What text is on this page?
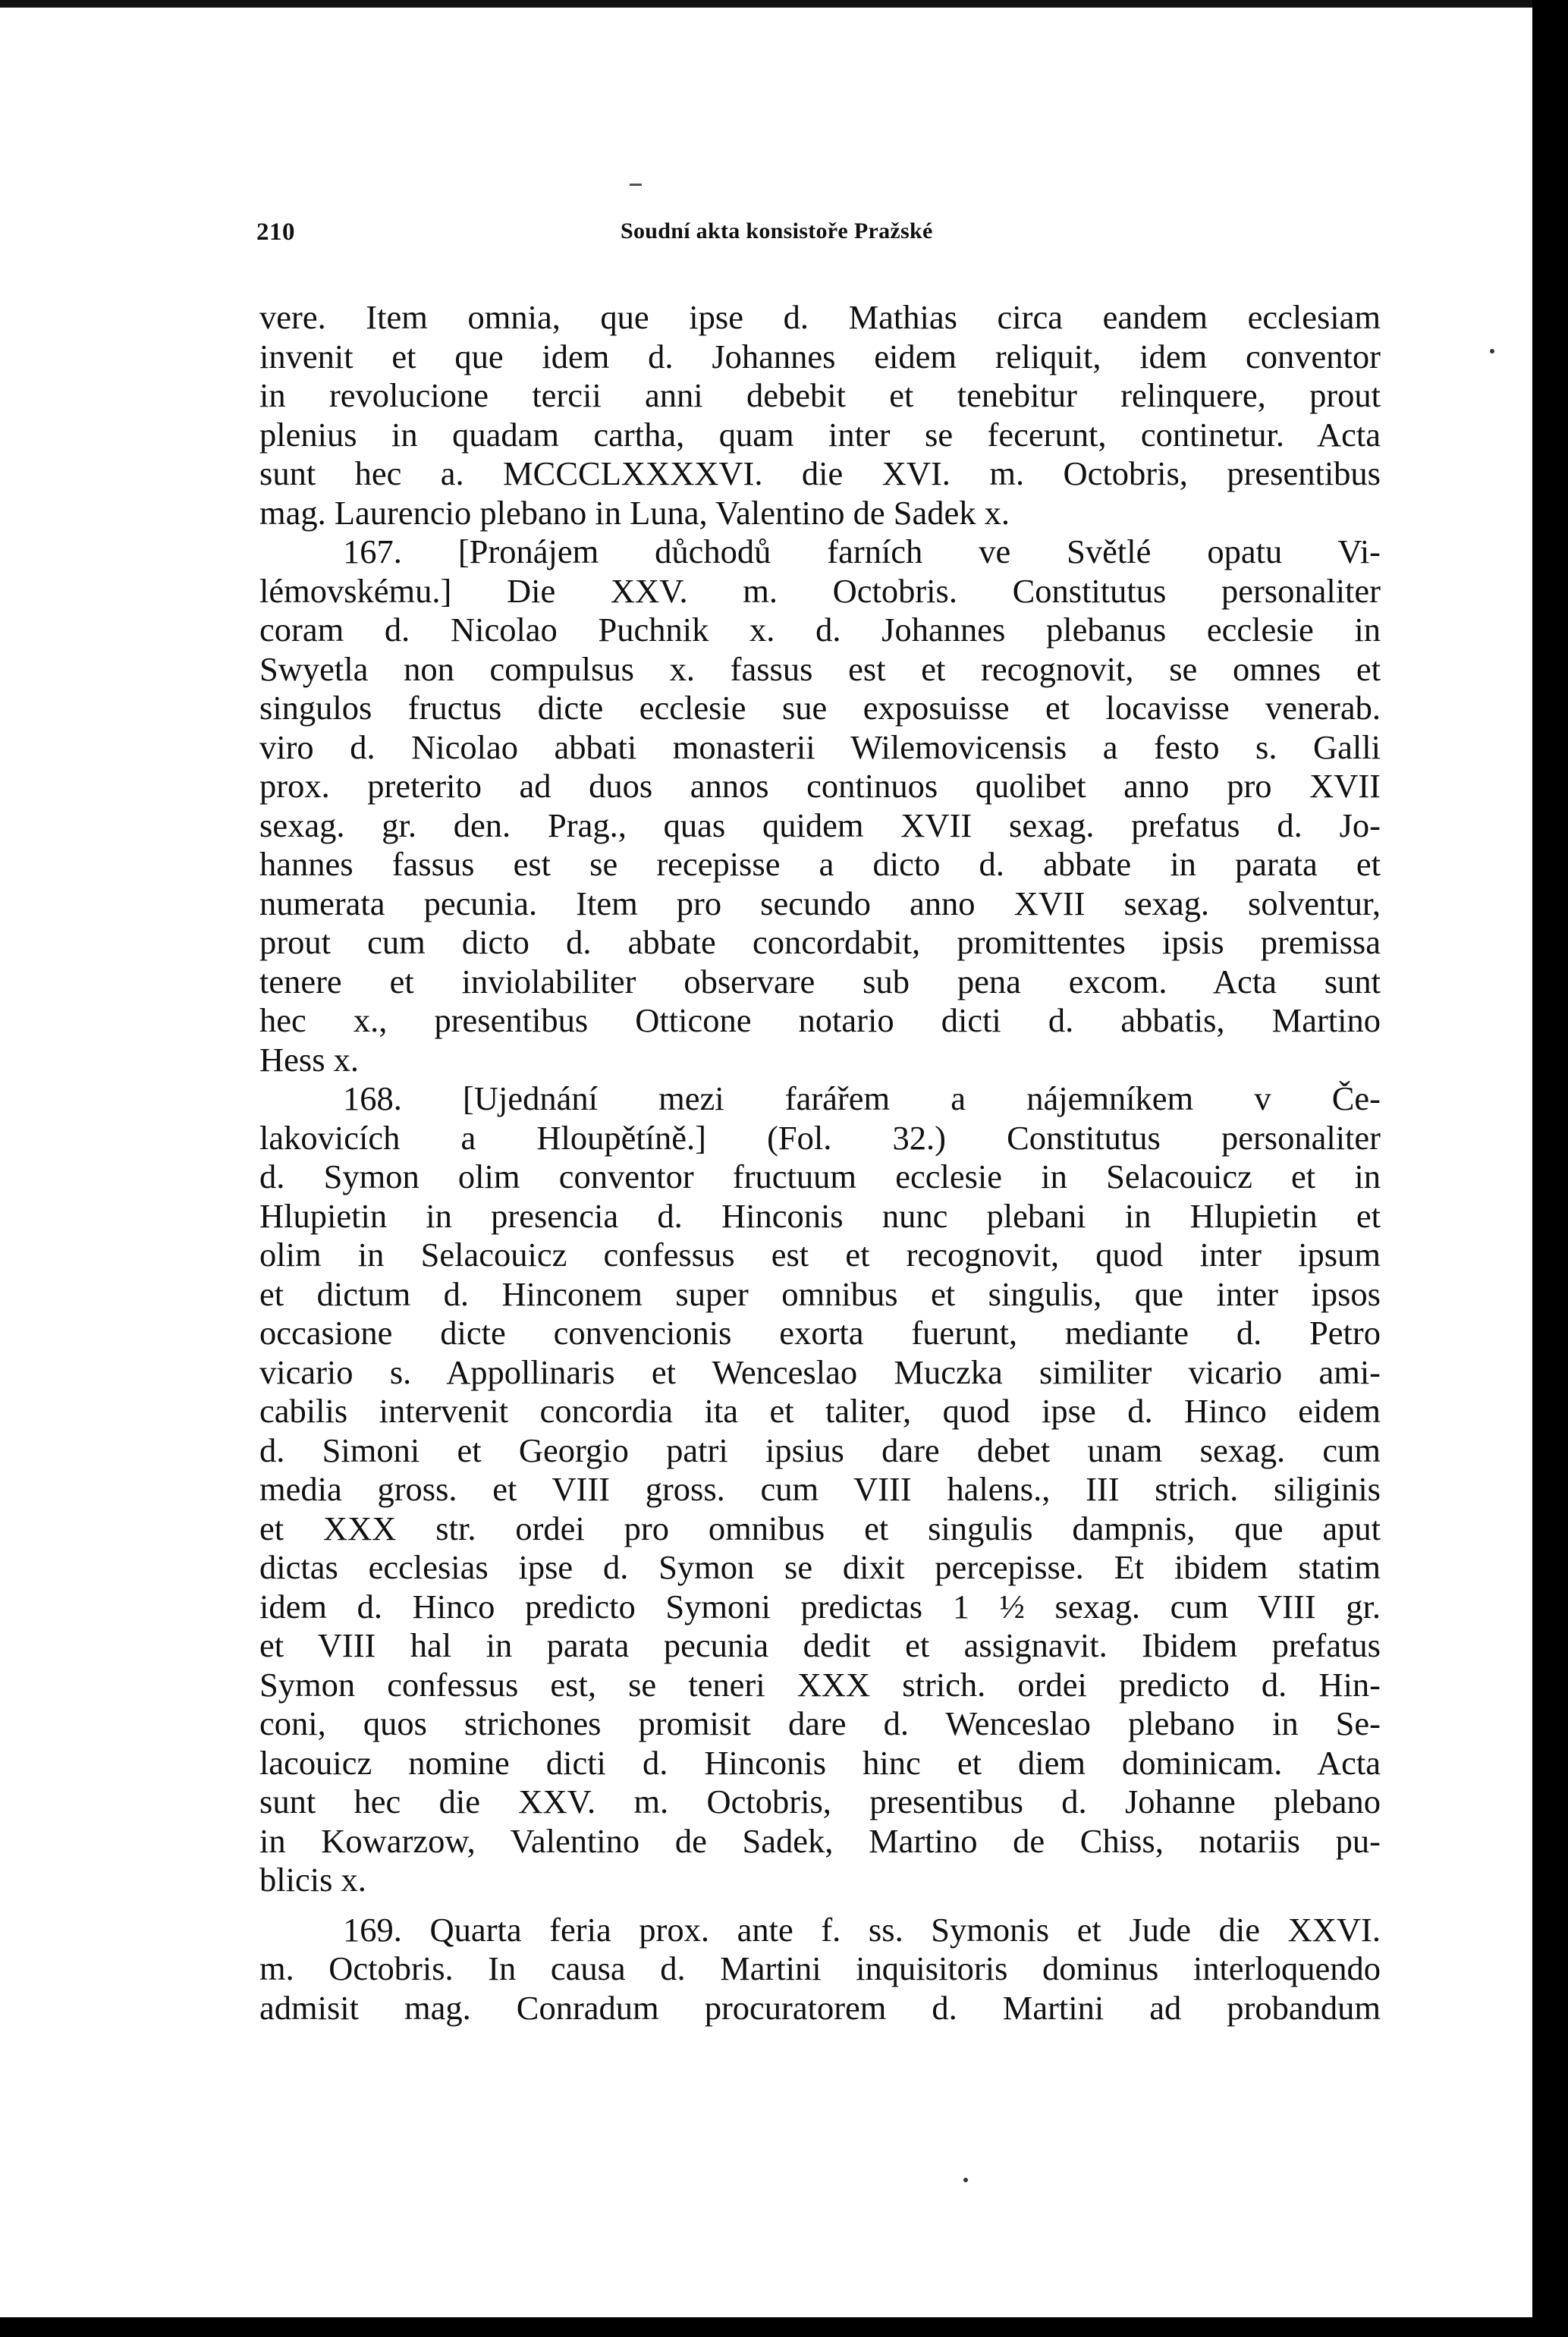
210	Soudní akta konsistoře Pražské
vere. Item omnia, que ipse d. Mathias circa eandem ecclesiam
invenit et que idem d. Johannes eidem reliquit, idem conventor
in revolucione tercii anni debebit et tenebitur relinquere, prout
plenius in quadam cartha, quam inter se fecerunt, continetur. Acta
sunt hec a. MCCCLXXXXVI. die XVI. m. Octobris, presentibus
mag. Laurencio plebano in Luna, Valentino de Sadek x.
167. [Pronájem důchodů farních ve Světlé opatu Vi-
lémovskému.] Die XXV. m. Octobris. Constitutus personaliter
coram d. Nicolao Puchnik x. d. Johannes plebanus ecclesie in
Swyetla non compulsus x. fassus est et recognovit, se omnes et
singulos fructus dicte ecclesie sue exposuisse et locavisse venerab.
viro d. Nicolao abbati monasterii Wilemovicensis a festo s. Galli
prox. preterito ad duos annos continuos quolibet anno pro XVII
sexag. gr. den. Prag., quas quidem XVII sexag. prefatus d. Jo-
hannes fassus est se recepisse a dicto d. abbate in parata et
numerata pecunia. Item pro secundo anno XVII sexag. solventur,
prout cum dicto d. abbate concordabit, promittentes ipsis premissa
tenere et inviolabiliter observare sub pena excom. Acta sunt
hec x., presentibus Otticone notario dicti d. abbatis, Martino
Hess x.
168. [Ujednání mezi farářem a nájemníkem v Če-
lakovicích a Hloupětíně.] (Fol. 32.) Constitutus personaliter
d. Symon olim conventor fructuum ecclesie in Selacouicz et in
Hlupietin in presencia d. Hinconis nunc plebani in Hlupietin et
olim in Selacouicz confessus est et recognovit, quod inter ipsum
et dictum d. Hinconem super omnibus et singulis, que inter ipsos
occasione dicte convencionis exorta fuerunt, mediante d. Petro
vicario s. Appollinaris et Wenceslao Muczka similiter vicario ami-
cabilis intervenit concordia ita et taliter, quod ipse d. Hinco eidem
d. Simoni et Georgio patri ipsius dare debet unam sexag. cum
media gross. et VIII gross. cum VIII halens., III strich. siliginis
et XXX str. ordei pro omnibus et singulis dampnis, que aput
dictas ecclesias ipse d. Symon se dixit percepisse. Et ibidem statim
idem d. Hinco predicto Symoni predictas 1 ½ sexag. cum VIII gr.
et VIII hal in parata pecunia dedit et assignavit. Ibidem prefatus
Symon confessus est, se teneri XXX strich. ordei predicto d. Hin-
coni, quos strichones promisit dare d. Wenceslao plebano in Se-
lacouicz nomine dicti d. Hinconis hinc et diem dominicam. Acta
sunt hec die XXV. m. Octobris, presentibus d. Johanne plebano
in Kowarzow, Valentino de Sadek, Martino de Chiss, notariis pu-
blicis x.
169. Quarta feria prox. ante f. ss. Symonis et Jude die XXVI.
m. Octobris. In causa d. Martini inquisitoris dominus interloquendo
admisit mag. Conradum procuratorem d. Martini ad probandum
